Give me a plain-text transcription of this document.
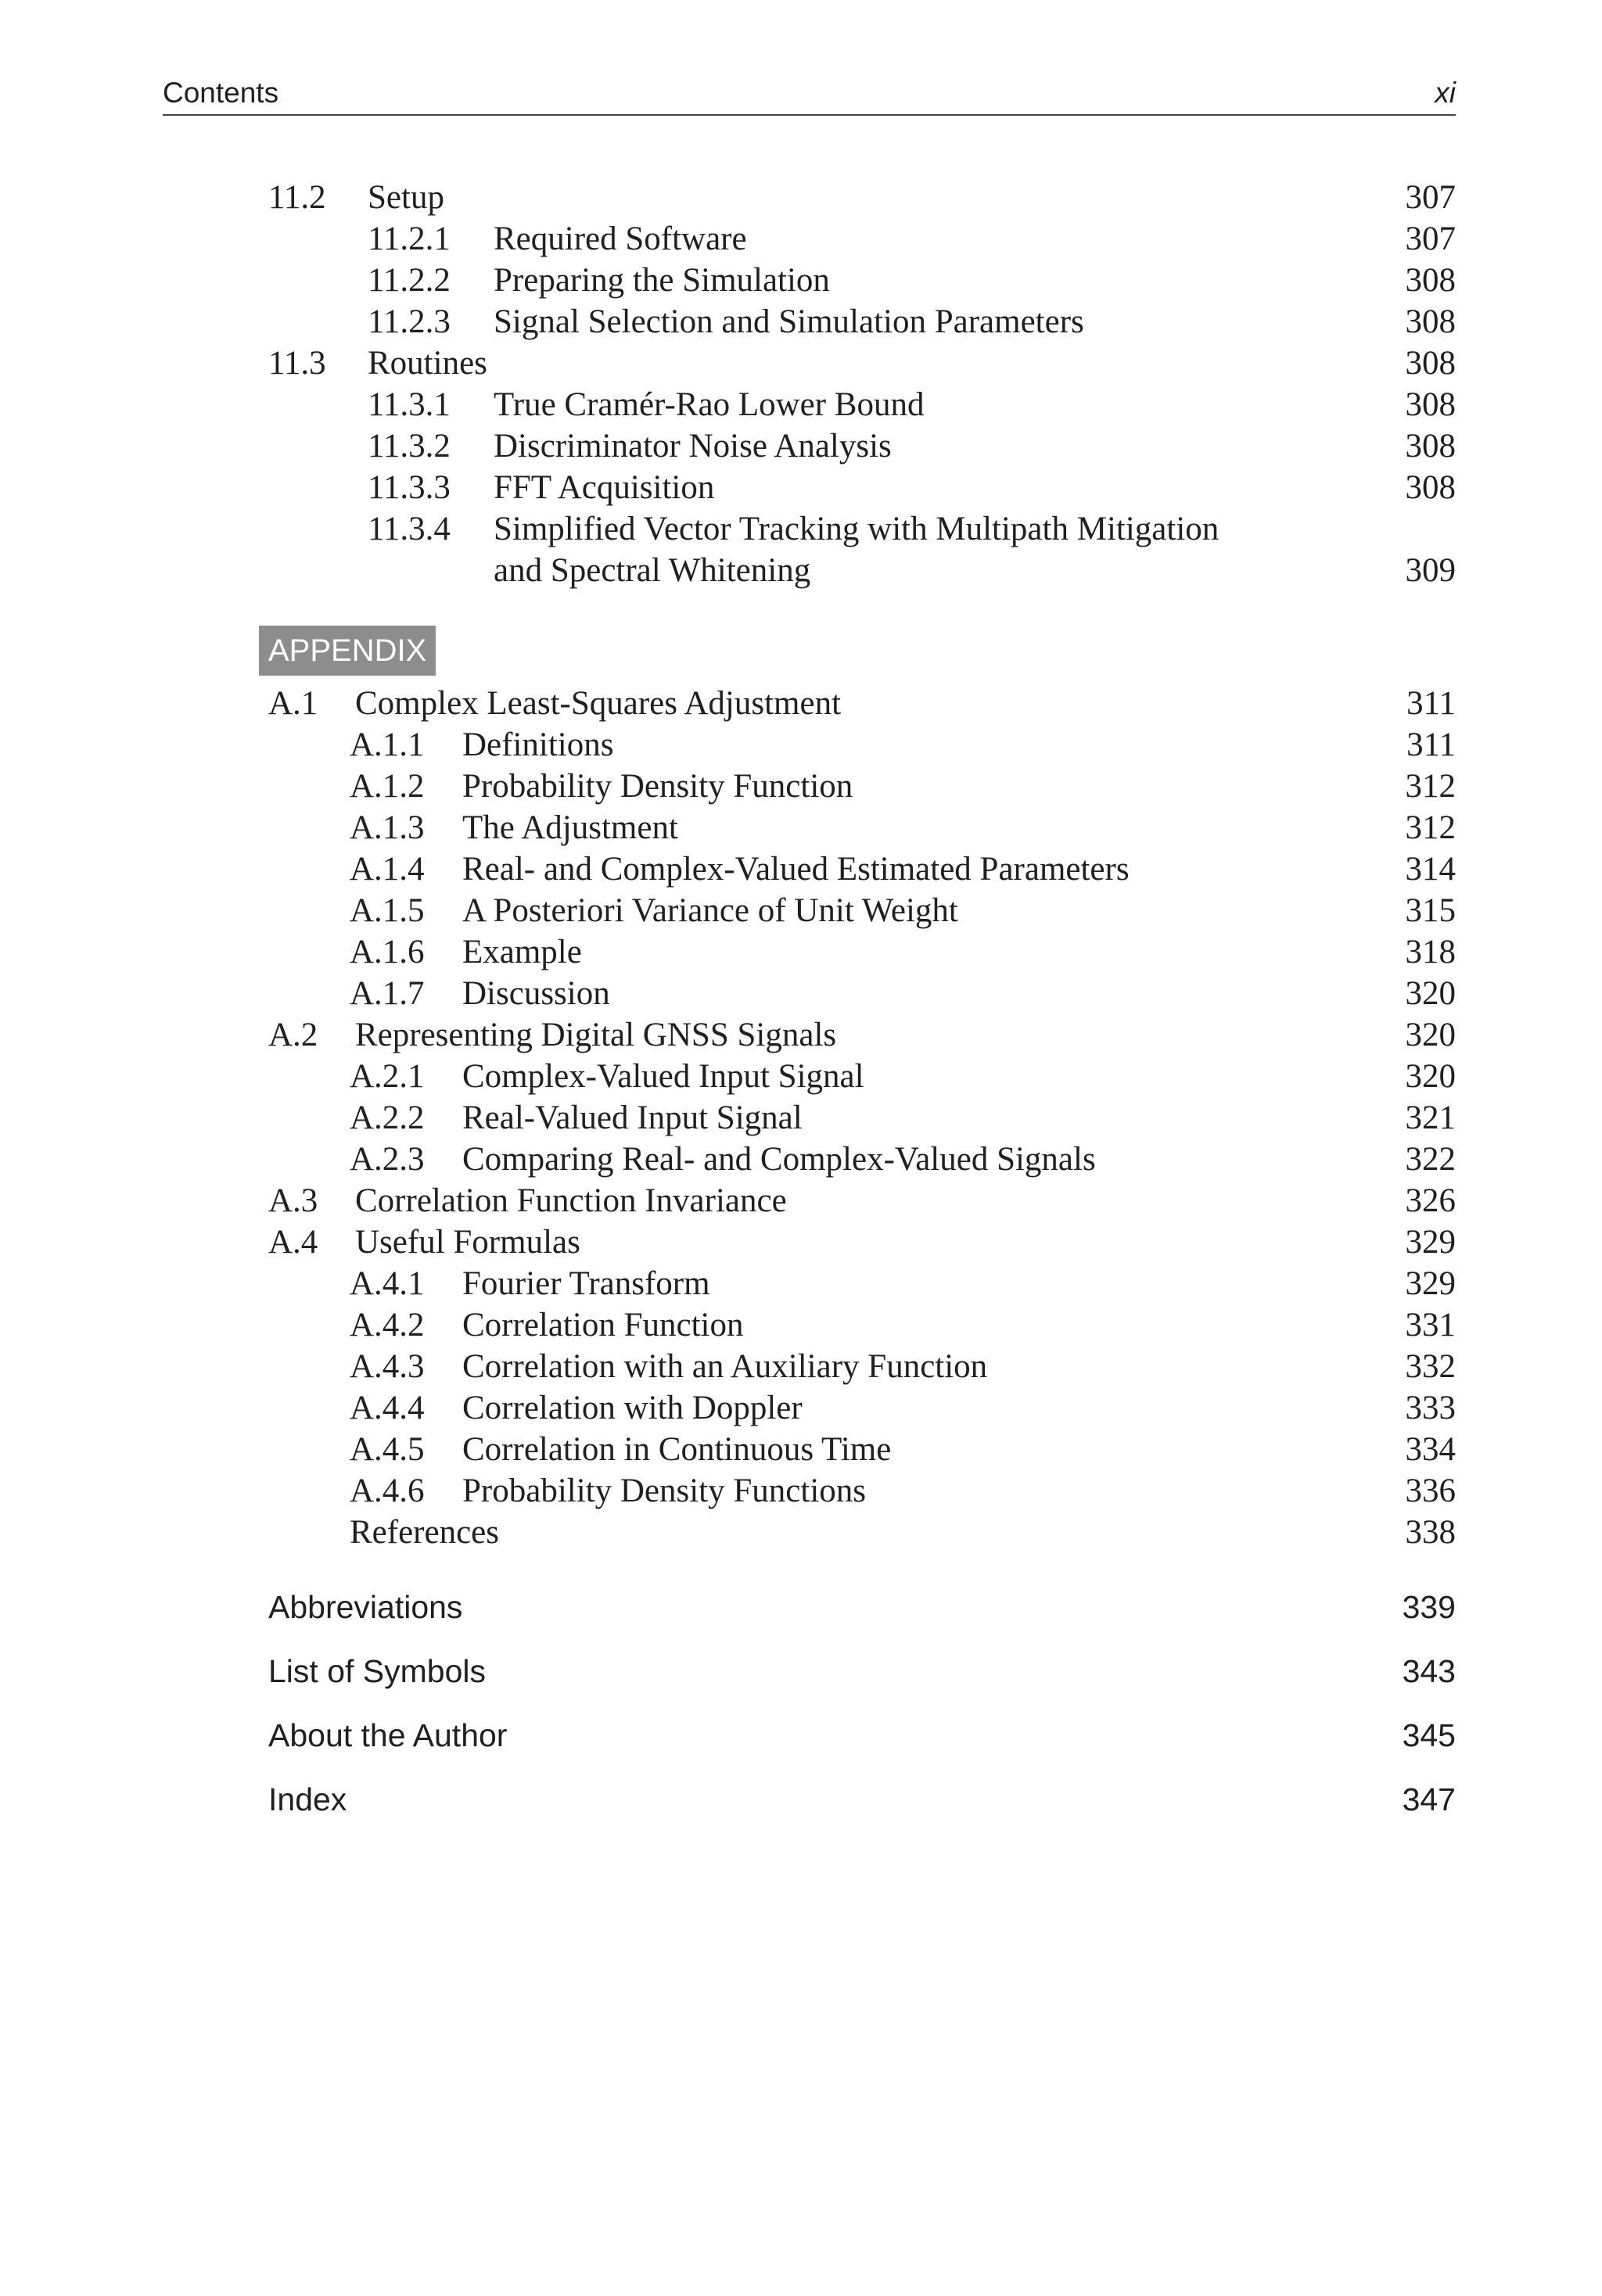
Contents	xi
11.2 Setup	307
11.2.1 Required Software	307
11.2.2 Preparing the Simulation	308
11.2.3 Signal Selection and Simulation Parameters	308
11.3 Routines	308
11.3.1 True Cramér-Rao Lower Bound	308
11.3.2 Discriminator Noise Analysis	308
11.3.3 FFT Acquisition	308
11.3.4 Simplified Vector Tracking with Multipath Mitigation
and Spectral Whitening	309
APPENDIX
A.1 Complex Least-Squares Adjustment	311
A.1.1 Definitions	311
A.1.2 Probability Density Function	312
A.1.3 The Adjustment	312
A.1.4 Real- and Complex-Valued Estimated Parameters	314
A.1.5 A Posteriori Variance of Unit Weight	315
A.1.6 Example	318
A.1.7 Discussion	320
A.2 Representing Digital GNSS Signals	320
A.2.1 Complex-Valued Input Signal	320
A.2.2 Real-Valued Input Signal	321
A.2.3 Comparing Real- and Complex-Valued Signals	322
A.3 Correlation Function Invariance	326
A.4 Useful Formulas	329
A.4.1 Fourier Transform	329
A.4.2 Correlation Function	331
A.4.3 Correlation with an Auxiliary Function	332
A.4.4 Correlation with Doppler	333
A.4.5 Correlation in Continuous Time	334
A.4.6 Probability Density Functions	336
References	338
Abbreviations	339
List of Symbols	343
About the Author	345
Index	347
